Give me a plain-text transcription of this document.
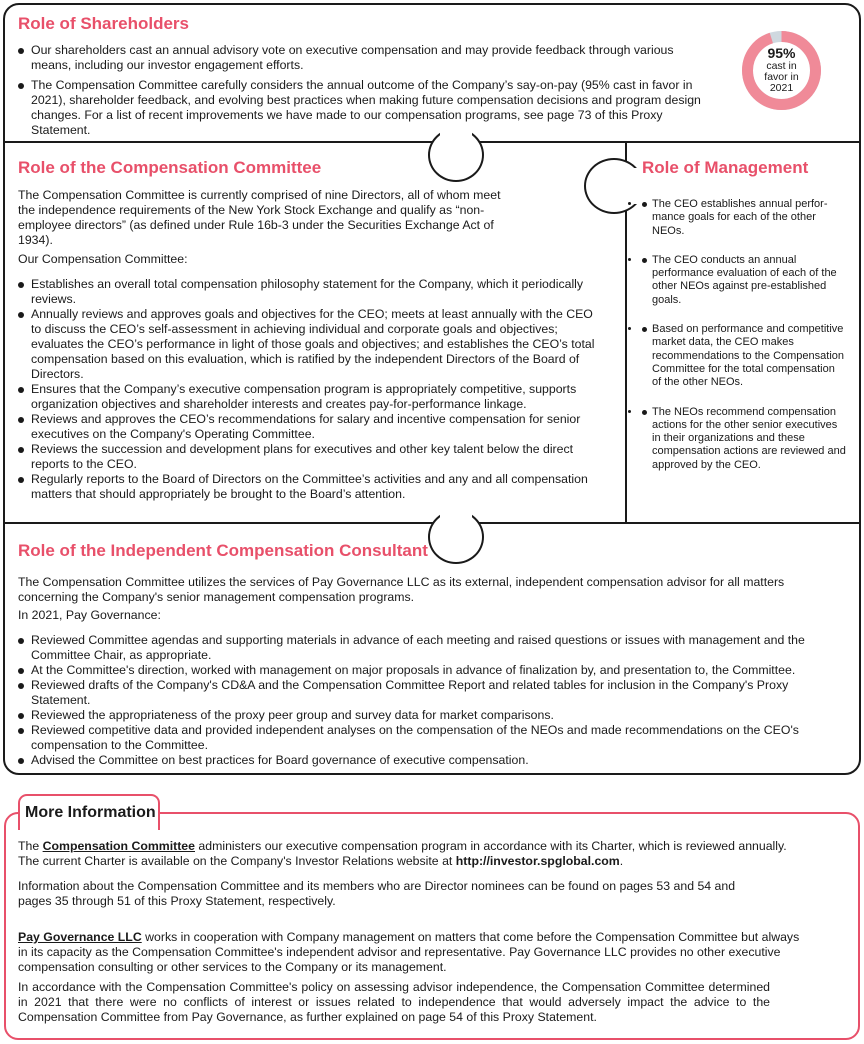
Role of Shareholders
Our shareholders cast an annual advisory vote on executive compensation and may provide feedback through various means, including our investor engagement efforts.
The Compensation Committee carefully considers the annual outcome of the Company’s say-on-pay (95% cast in favor in 2021), shareholder feedback, and evolving best practices when making future compensation decisions and program design changes. For a list of recent improvements we have made to our compensation programs, see page 73 of this Proxy Statement.
95%
cast in
favor in
2021
Role of the Compensation Committee
The Compensation Committee is currently comprised of nine Directors, all of whom meet the independence requirements of the New York Stock Exchange and qualify as “non-employee directors” (as defined under Rule 16b-3 under the Securities Exchange Act of 1934).
Our Compensation Committee:
Establishes an overall total compensation philosophy statement for the Company, which it periodically reviews.
Annually reviews and approves goals and objectives for the CEO; meets at least annually with the CEO to discuss the CEO’s self-assessment in achieving individual and corporate goals and objectives; evaluates the CEO’s performance in light of those goals and objectives; and establishes the CEO’s total compensation based on this evaluation, which is ratified by the independent Directors of the Board of Directors.
Ensures that the Company’s executive compensation program is appropriately competitive, supports organization objectives and shareholder interests and creates pay-for-performance linkage.
Reviews and approves the CEO’s recommendations for salary and incentive compensation for senior executives on the Company's Operating Committee.
Reviews the succession and development plans for executives and other key talent below the direct reports to the CEO.
Regularly reports to the Board of Directors on the Committee’s activities and any and all compensation matters that should appropriately be brought to the Board’s attention.
Role of Management
• The CEO establishes annual perfor-mance goals for each of the other NEOs.
• The CEO conducts an annual performance evaluation of each of the other NEOs against pre-established goals.
• Based on performance and competitive market data, the CEO makes recommendations to the Compensation Committee for the total compensation of the other NEOs.
• The NEOs recommend compensation actions for the other senior executives in their organizations and these compensation actions are reviewed and approved by the CEO.
Role of the Independent Compensation Consultant
The Compensation Committee utilizes the services of Pay Governance LLC as its external, independent compensation advisor for all matters concerning the Company's senior management compensation programs.
In 2021, Pay Governance:
Reviewed Committee agendas and supporting materials in advance of each meeting and raised questions or issues with management and the Committee Chair, as appropriate.
At the Committee's direction, worked with management on major proposals in advance of finalization by, and presentation to, the Committee.
Reviewed drafts of the Company's CD&A and the Compensation Committee Report and related tables for inclusion in the Company's Proxy Statement.
Reviewed the appropriateness of the proxy peer group and survey data for market comparisons.
Reviewed competitive data and provided independent analyses on the compensation of the NEOs and made recommendations on the CEO's compensation to the Committee.
Advised the Committee on best practices for Board governance of executive compensation.
More Information
The Compensation Committee administers our executive compensation program in accordance with its Charter, which is reviewed annually. The current Charter is available on the Company's Investor Relations website at http://investor.spglobal.com.
Information about the Compensation Committee and its members who are Director nominees can be found on pages 53 and 54 and pages 35 through 51 of this Proxy Statement, respectively.
Pay Governance LLC works in cooperation with Company management on matters that come before the Compensation Committee but always in its capacity as the Compensation Committee's independent advisor and representative. Pay Governance LLC provides no other executive compensation consulting or other services to the Company or its management.
In accordance with the Compensation Committee's policy on assessing advisor independence, the Compensation Committee determined in 2021 that there were no conflicts of interest or issues related to independence that would adversely impact the advice to the Compensation Committee from Pay Governance, as further explained on page 54 of this Proxy Statement.
